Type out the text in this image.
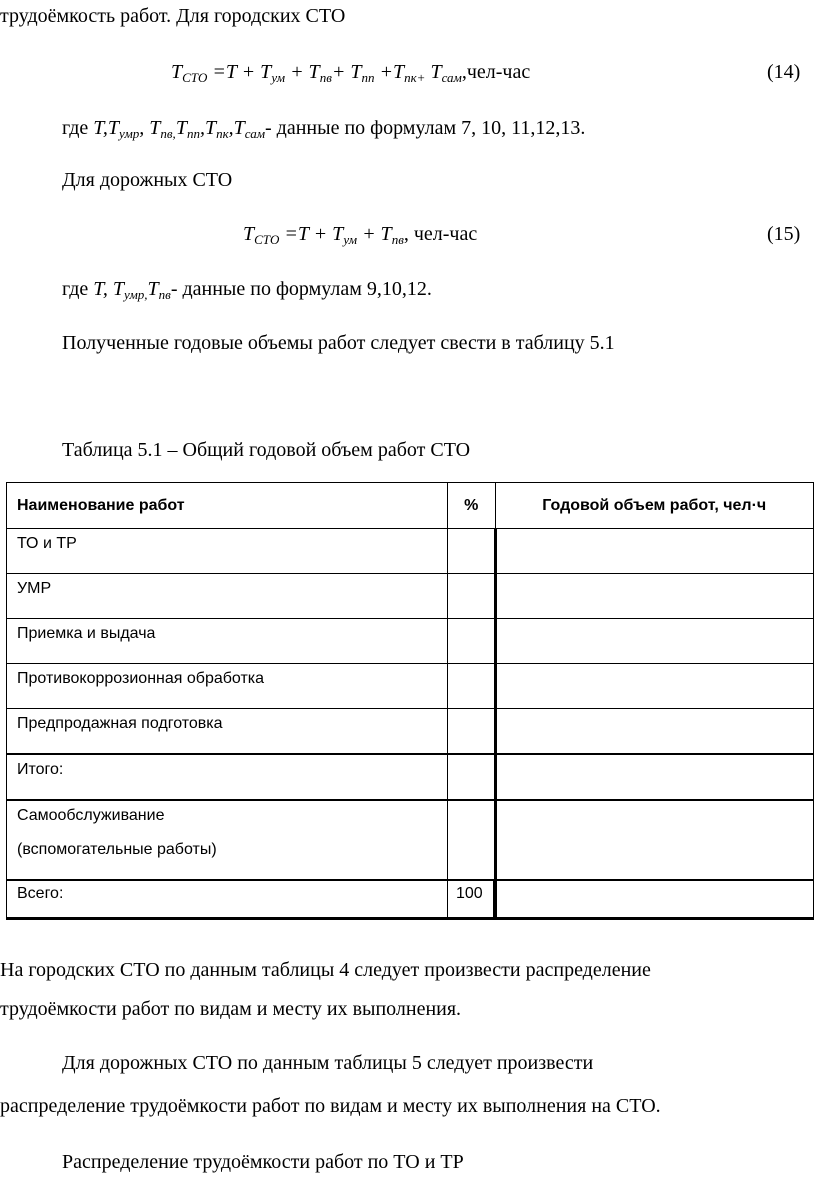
трудоёмкость работ. Для городских СТО
$T_{СТО} =T + T_{ум} + T_{пв}+ T_{пп} +T_{пк+}$ $T_{сам},чел$-час	(14)
где $T,T_{умр}$, $T_{пв,}T_{пп},T_{пк},T_{сам}-$ данные по формулам 7, 10, 11,12,13.
Для дорожных СТО
$T_{СТО} =T + T_{ум} + T_{пв}$, чел-час	(15)
где T, $T_{умр,}T_{пв}-$ данные по формулам 9,10,12.
Полученные годовые объемы работ следует свести в таблицу 5.1
Таблица 5.1 – Общий годовой объем работ СТО
Наименование работ	%	Годовой объем работ, чел·ч
ТО и ТР		
УМР		
Приемка и выдача		
Противокоррозионная обработка		
Предпродажная подготовка		
Итого:		
Самообслуживание
(вспомогательные работы)		

Всего:	100	
На городских СТО по данным таблицы 4 следует произвести распределение
трудоёмкости работ по видам и месту их выполнения.
Для дорожных СТО по данным таблицы 5 следует произвести
распределение трудоёмкости работ по видам и месту их выполнения на СТО.
Распределение трудоёмкости работ по ТО и ТР
